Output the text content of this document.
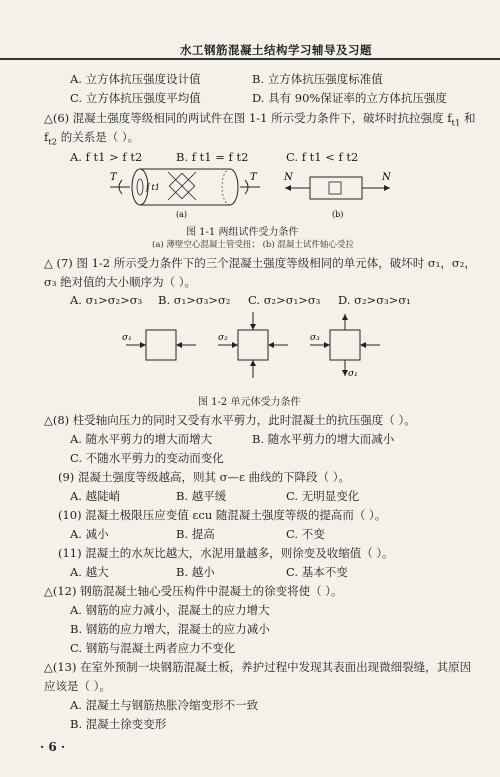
水工钢筋混凝土结构学习辅导及习题
A. 立方体抗压强度设计值	B. 立方体抗压强度标准值
C. 立方体抗压强度平均值	D. 具有 90%保证率的立方体抗压强度
△(6) 混凝土强度等级相同的两试件在图 1-1 所示受力条件下，破坏时抗拉强度 $f_{t1}$ 和
$f_{t2}$ 的关系是（ ）。
A. f t1 > f t2	B. f t1 = f t2	C. f t1 < f t2
T	T
f t1
(a)
N	N
(b)
图 1-1 两组试件受力条件
(a) 薄壁空心混凝土管受扭； (b) 混凝土试件轴心受拉
△ (7) 图 1-2 所示受力条件下的三个混凝土强度等级相同的单元体，破坏时 σ₁，σ₂，
σ₃ 绝对值的大小顺序为（ ）。
A. σ₁>σ₂>σ₃ B. σ₁>σ₃>σ₂ C. σ₂>σ₁>σ₃ D. σ₂>σ₃>σ₁
σ₁	σ₂	σ₃
σ₁
图 1-2 单元体受力条件
△(8) 柱受轴向压力的同时又受有水平剪力，此时混凝土的抗压强度（ ）。
A. 随水平剪力的增大而增大	B. 随水平剪力的增大而减小
C. 不随水平剪力的变动而变化
(9) 混凝土强度等级越高，则其 σ—ε 曲线的下降段（ ）。
A. 越陡峭	B. 越平缓	C. 无明显变化
(10) 混凝土极限压应变值 εcu 随混凝土强度等级的提高而（ ）。
A. 减小	B. 提高	C. 不变
(11) 混凝土的水灰比越大，水泥用量越多，则徐变及收缩值（ ）。
A. 越大	B. 越小	C. 基本不变
△(12) 钢筋混凝土轴心受压构件中混凝土的徐变将使（ ）。
A. 钢筋的应力减小，混凝土的应力增大
B. 钢筋的应力增大，混凝土的应力减小
C. 钢筋与混凝土两者应力不变化
△(13) 在室外预制一块钢筋混凝土板，养护过程中发现其表面出现微细裂缝，其原因
应该是（ ）。
A. 混凝土与钢筋热胀冷缩变形不一致
B. 混凝土徐变变形
· 6 ·
